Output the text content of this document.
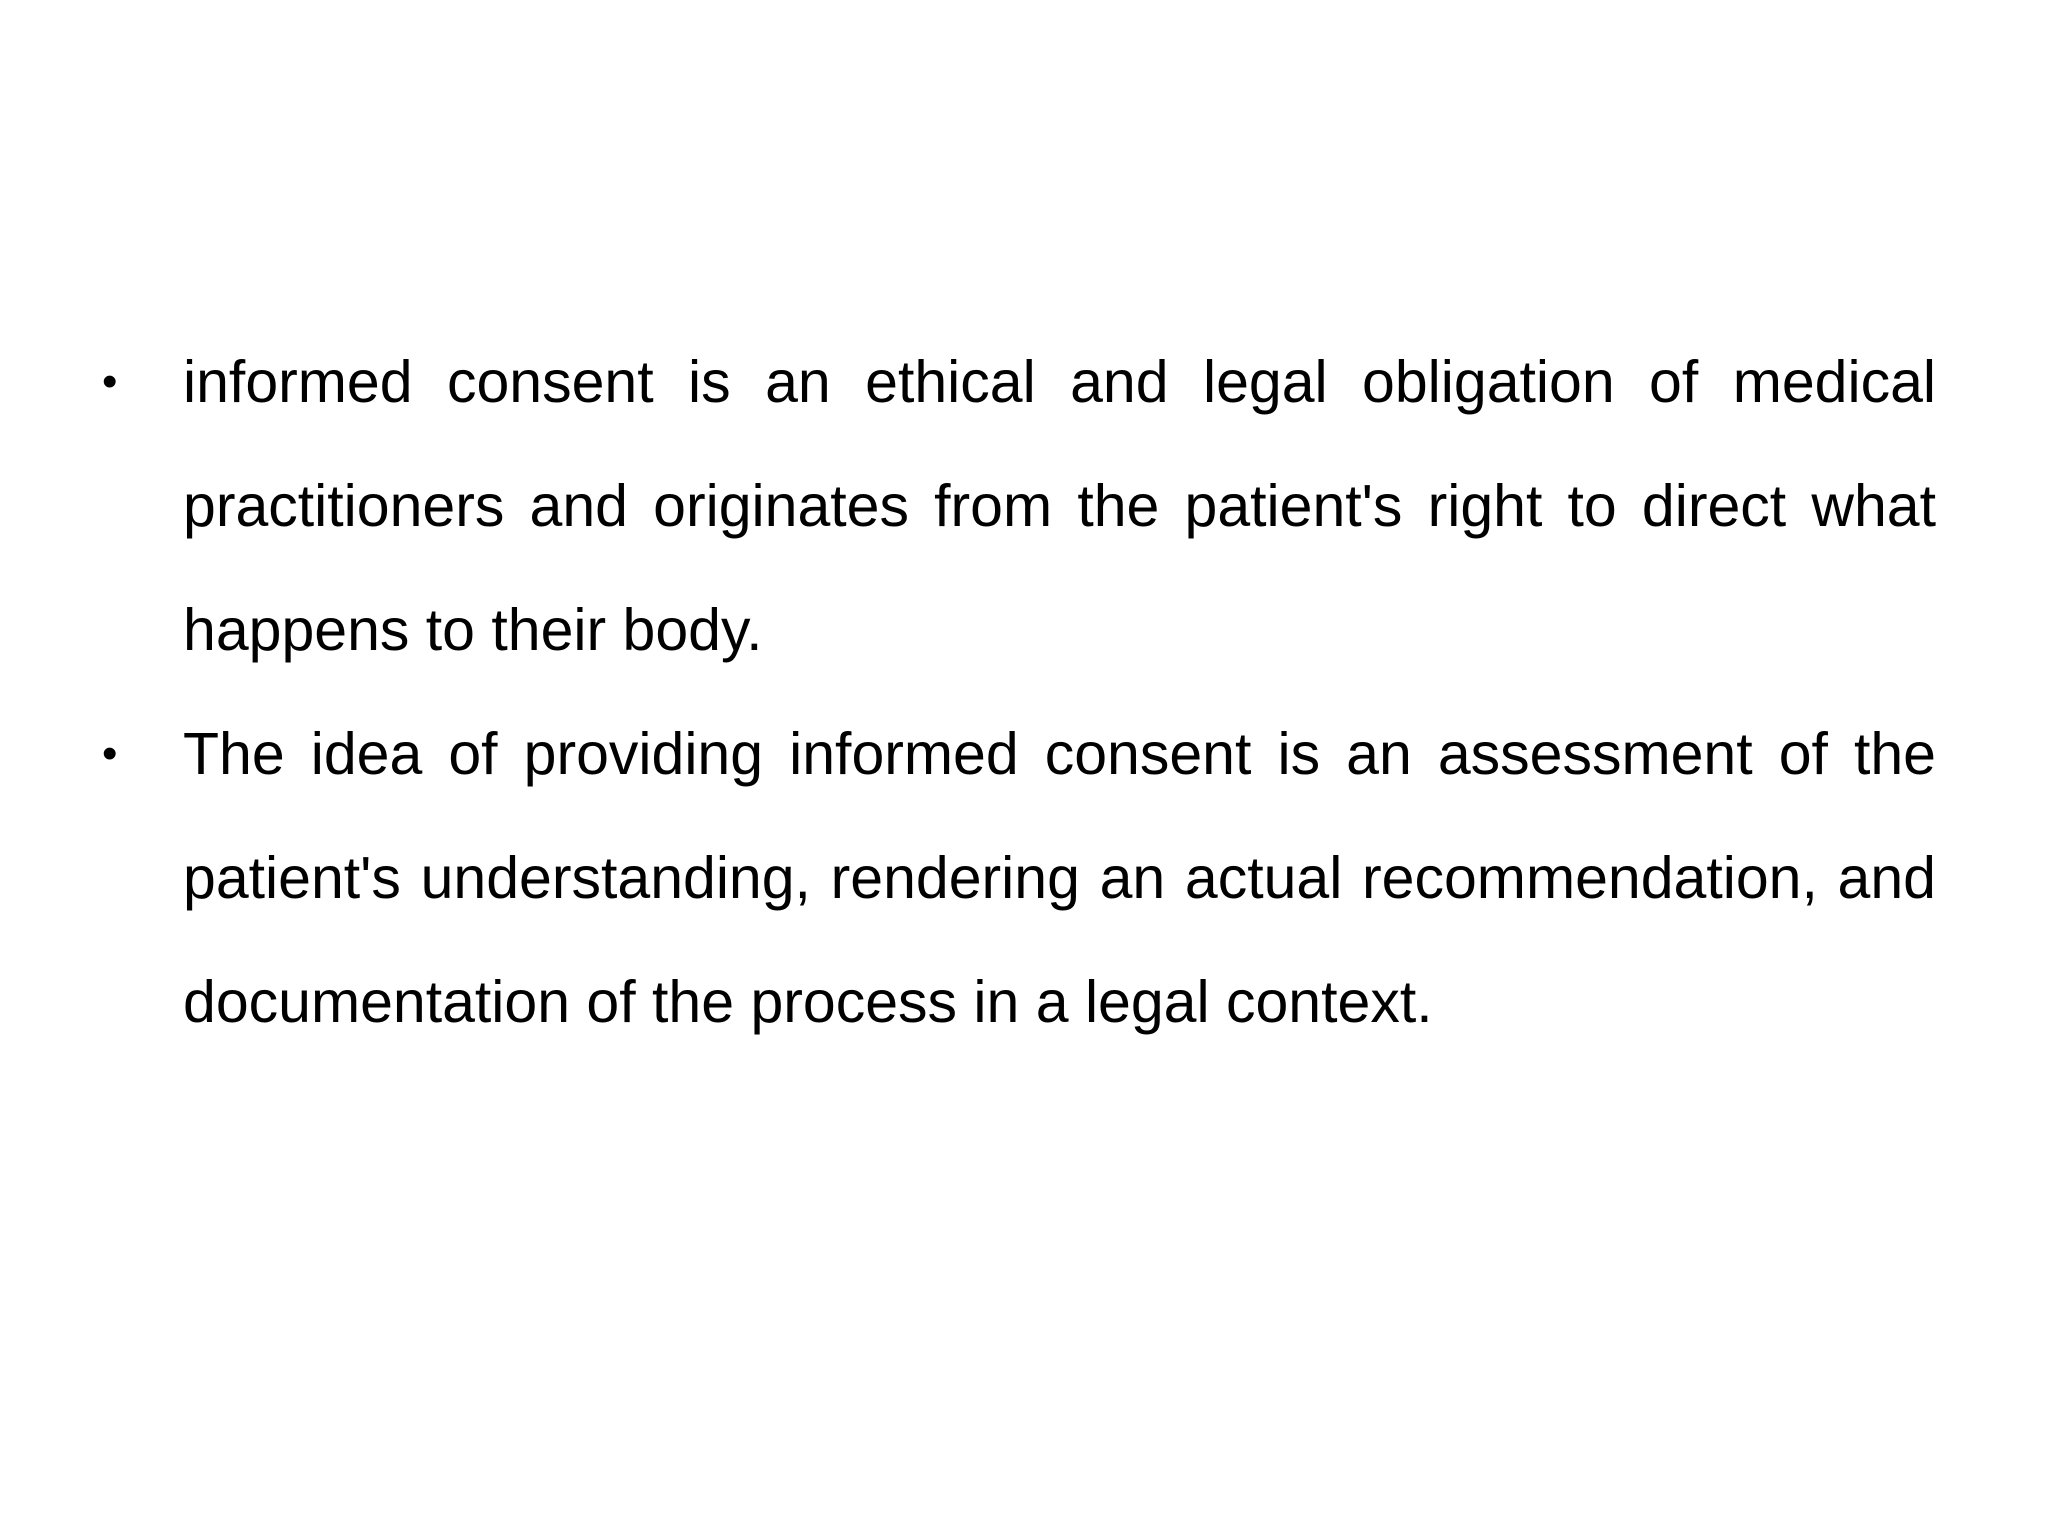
•	informed consent is an ethical and legal obligation of medical practitioners and originates from the patient's right to direct what happens to their body.
•	The idea of providing informed consent is an assessment of the patient's understanding, rendering an actual recommendation, and documentation of the process in a legal context.
